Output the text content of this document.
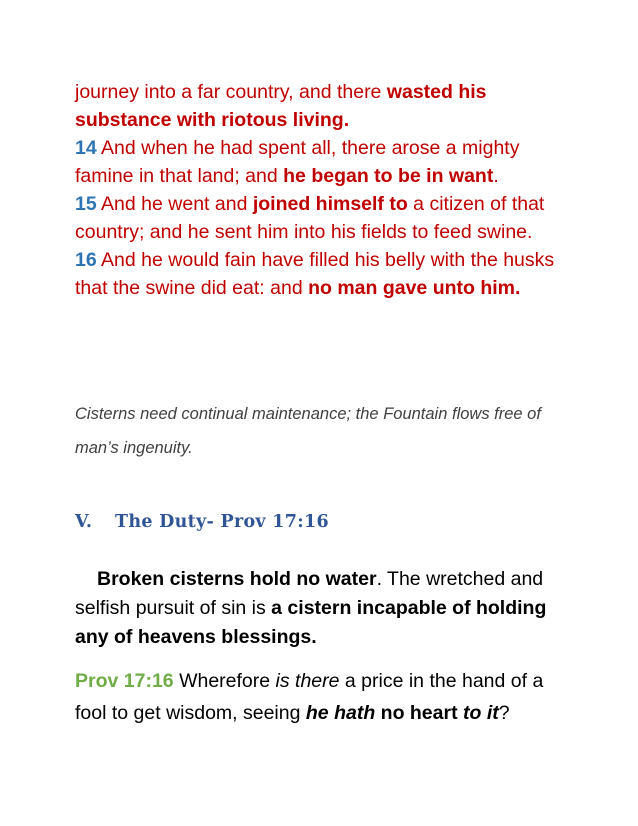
journey into a far country, and there wasted his substance with riotous living.
14 And when he had spent all, there arose a mighty famine in that land; and he began to be in want.
15 And he went and joined himself to a citizen of that country; and he sent him into his fields to feed swine.
16 And he would fain have filled his belly with the husks that the swine did eat: and no man gave unto him.
Cisterns need continual maintenance; the Fountain flows free of man’s ingenuity.
V. The Duty- Prov 17:16
Broken cisterns hold no water. The wretched and selfish pursuit of sin is a cistern incapable of holding any of heavens blessings.
Prov 17:16 Wherefore is there a price in the hand of a fool to get wisdom, seeing he hath no heart to it?
